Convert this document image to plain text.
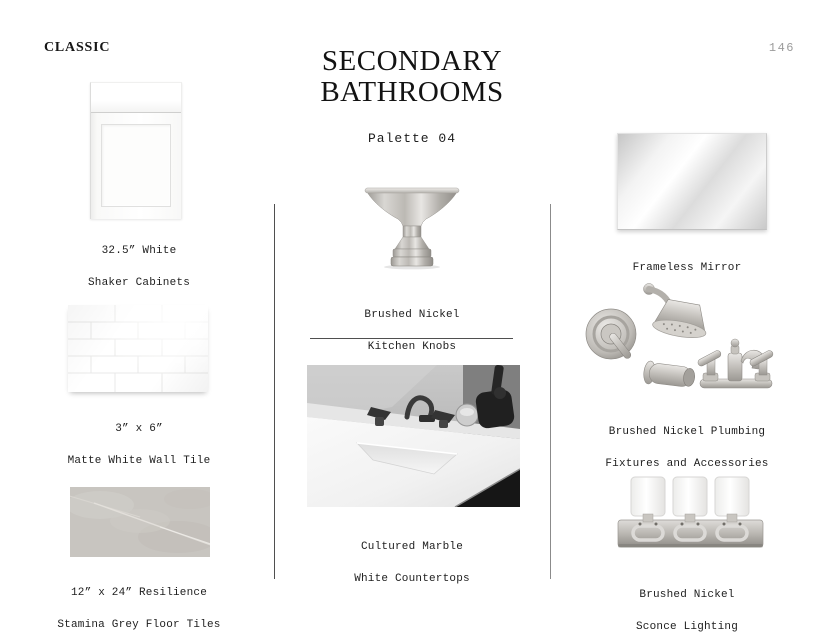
CLASSIC	146
SECONDARY
BATHROOMS
Palette 04

32.5” White

Shaker Cabinets

3” x 6”

Matte White Wall Tile

12” x 24” Resilience

Stamina Grey Floor Tiles

Brushed Nickel

Kitchen Knobs

Cultured Marble

White Countertops

Frameless Mirror

Brushed Nickel Plumbing

Fixtures and Accessories

Brushed Nickel

Sconce Lighting
